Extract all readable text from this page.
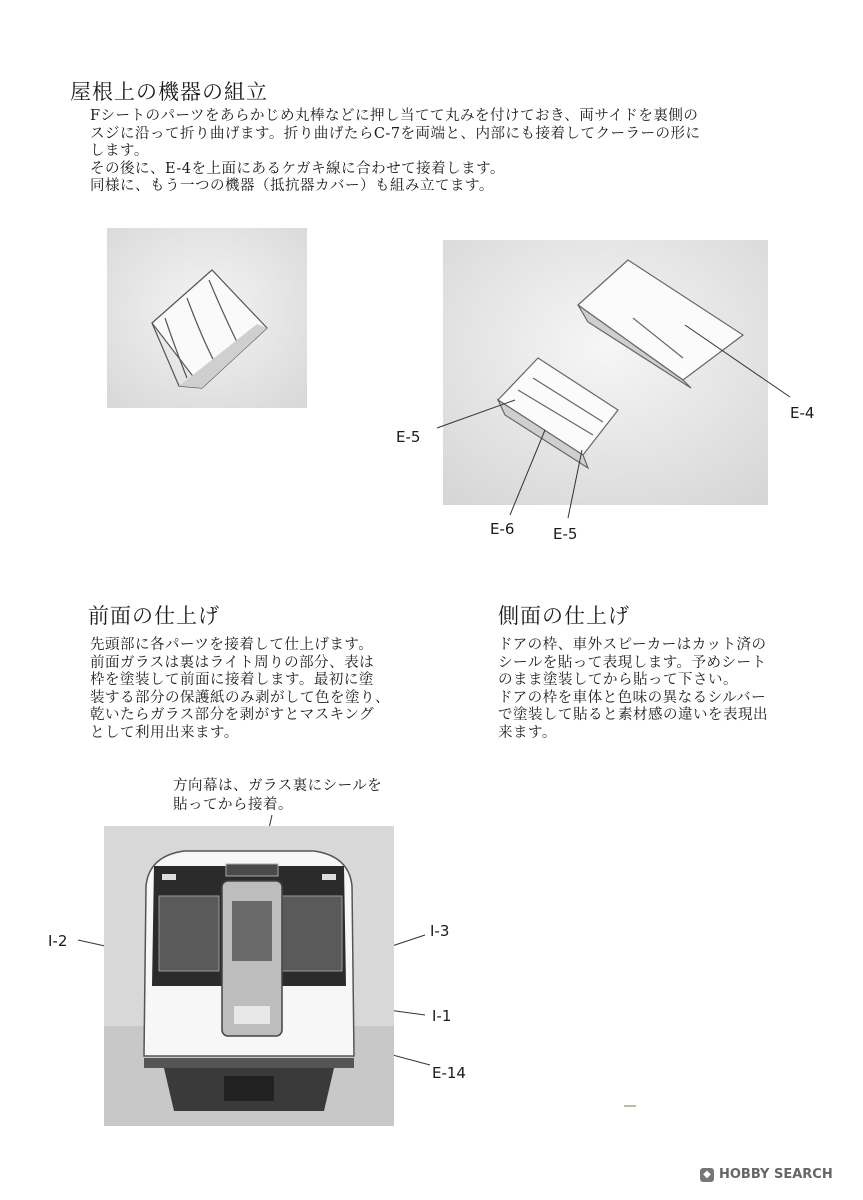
屋根上の機器の組立
Fシートのパーツをあらかじめ丸棒などに押し当てて丸みを付けておき、両サイドを裏側の
スジに沿って折り曲げます。折り曲げたらC-7を両端と、内部にも接着してクーラーの形に
します。
その後に、E-4を上面にあるケガキ線に合わせて接着します。
同様に、もう一つの機器（抵抗器カバー）も組み立てます。
E-4
E-5
E-6	E-5
前面の仕上げ
先頭部に各パーツを接着して仕上げます。
前面ガラスは裏はライト周りの部分、表は
枠を塗装して前面に接着します。最初に塗
装する部分の保護紙のみ剥がして色を塗り、
乾いたらガラス部分を剥がすとマスキング
として利用出来ます。
側面の仕上げ
ドアの枠、車外スピーカーはカット済の
シールを貼って表現します。予めシート
のまま塗装してから貼って下さい。
ドアの枠を車体と色味の異なるシルバー
で塗装して貼ると素材感の違いを表現出
来ます。
方向幕は、ガラス裏にシールを
貼ってから接着。
I-2
I-3
I-1
E-14
◆ HOBBY SEARCH
